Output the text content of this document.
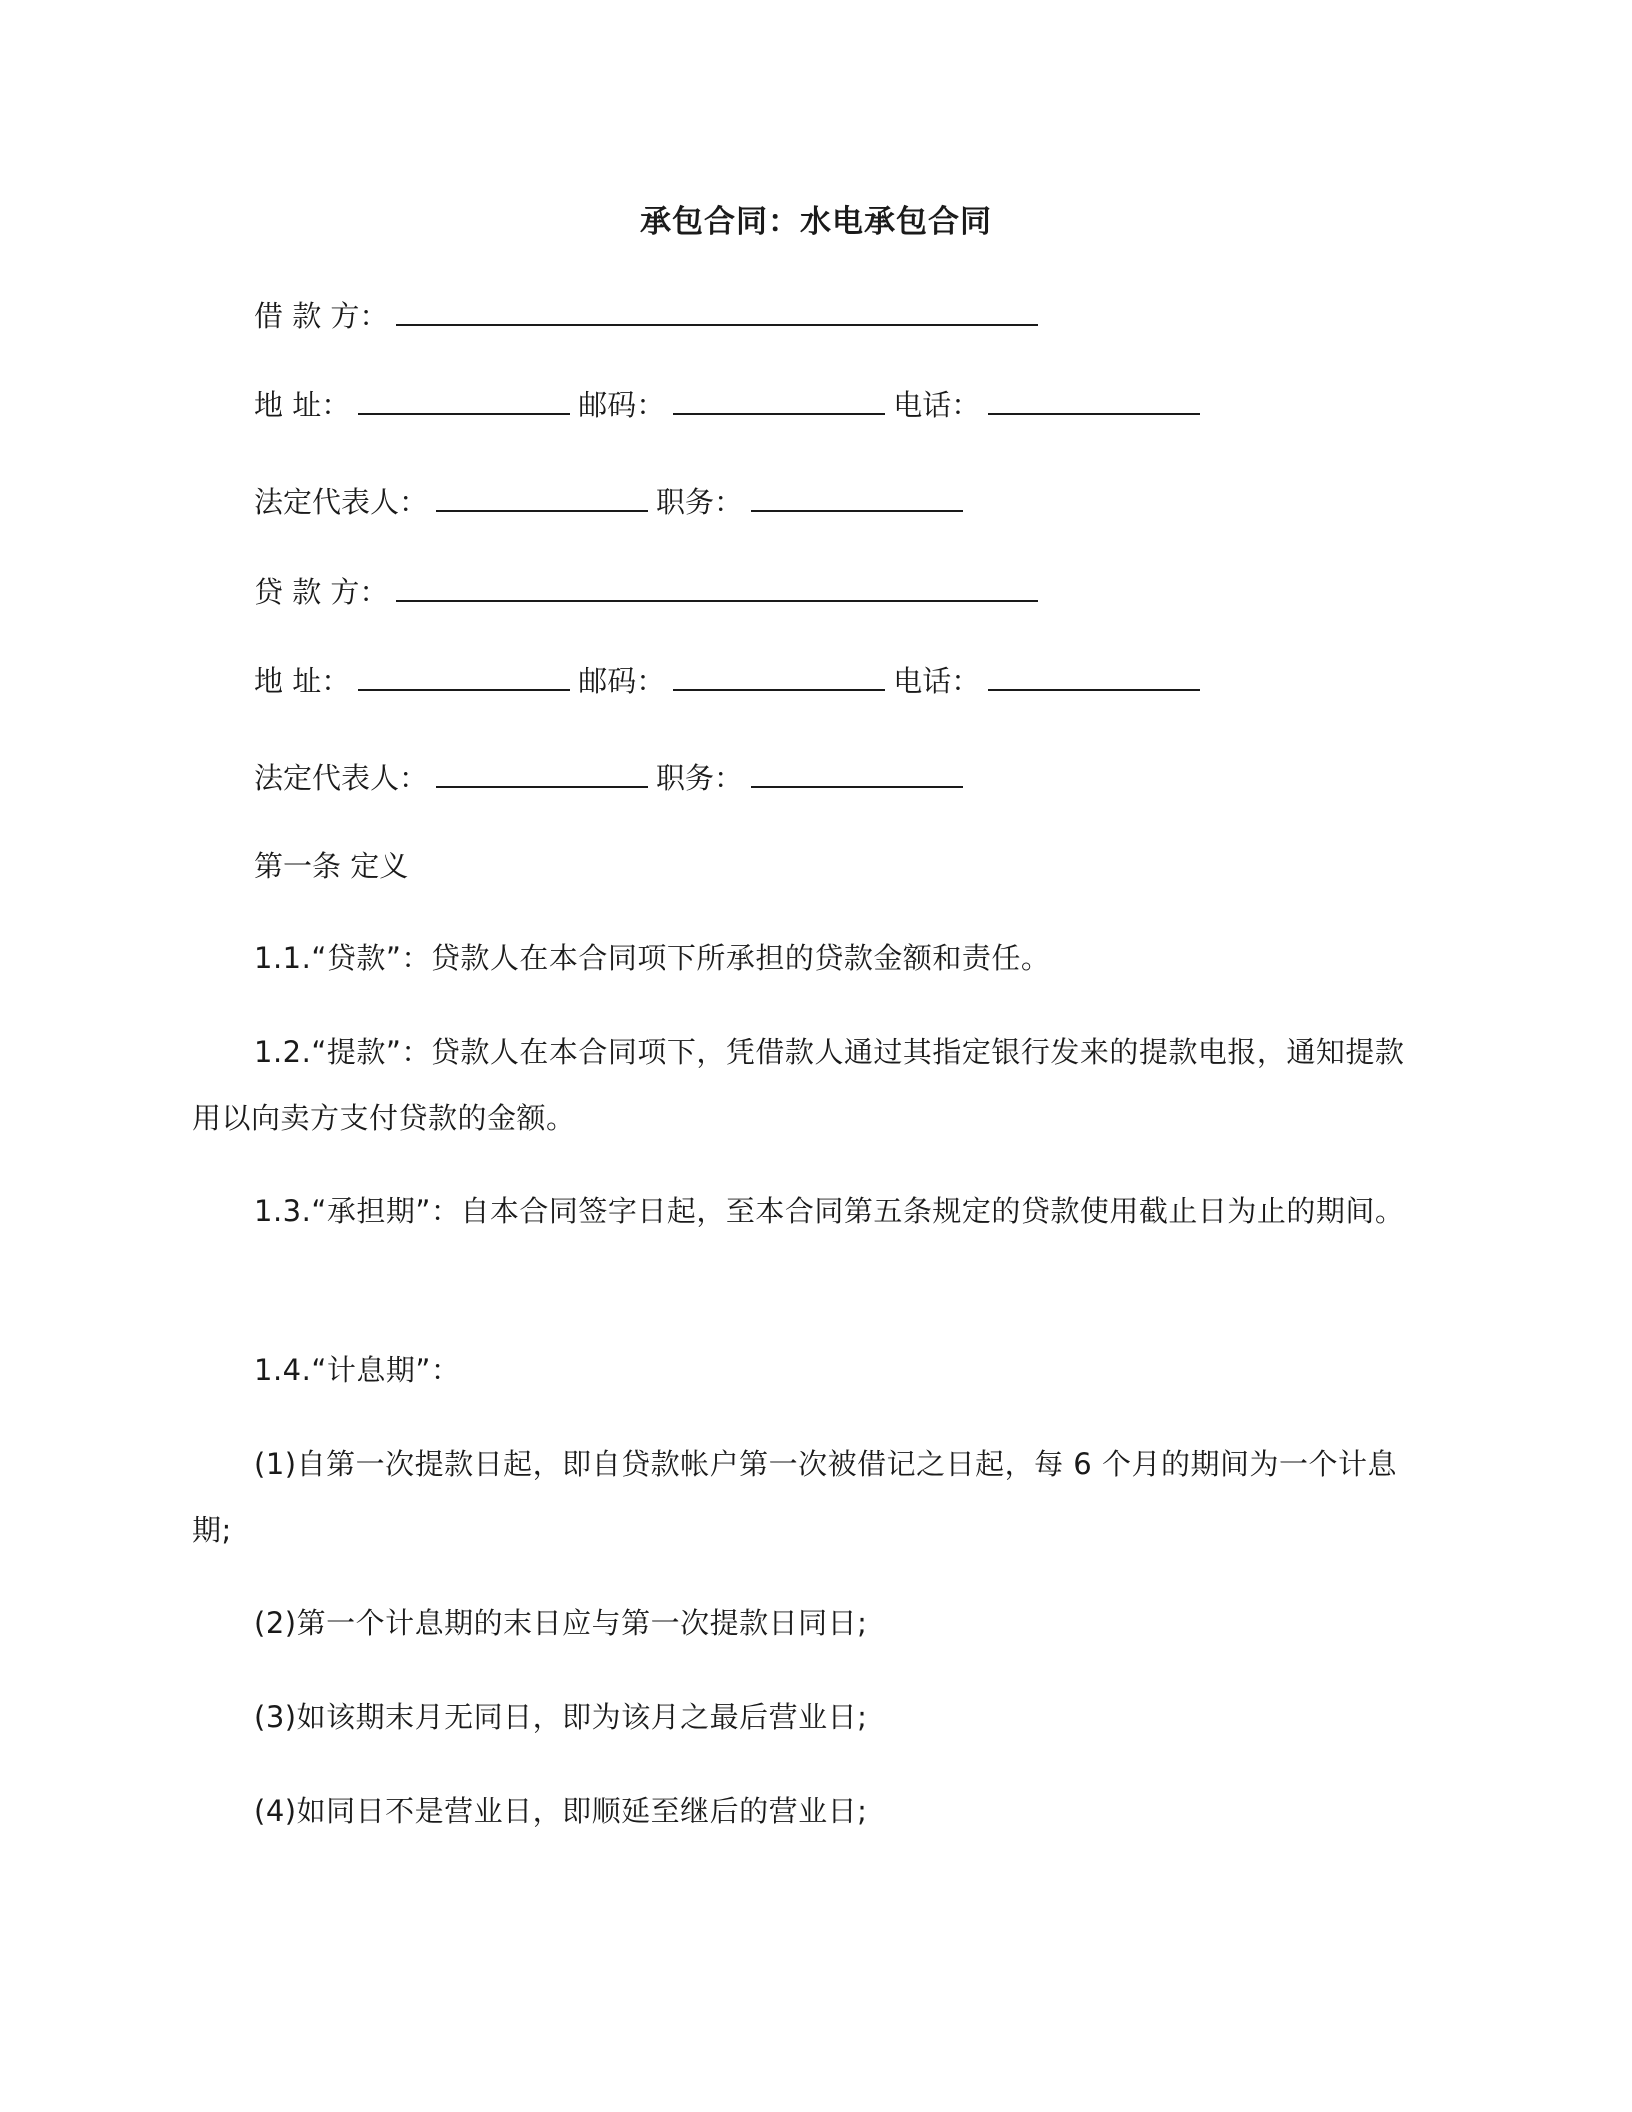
承包合同：水电承包合同
借 款 方：
地 址：	邮码：	电话：
法定代表人：	职务：
贷 款 方：
地 址：	邮码：	电话：
法定代表人：	职务：
第一条 定义
1.1.“贷款”：贷款人在本合同项下所承担的贷款金额和责任。
1.2.“提款”：贷款人在本合同项下，凭借款人通过其指定银行发来的提款电报，通知提款用以向卖方支付贷款的金额。
1.3.“承担期”：自本合同签字日起，至本合同第五条规定的贷款使用截止日为止的期间。
1.4.“计息期”：
(1)自第一次提款日起，即自贷款帐户第一次被借记之日起，每 6 个月的期间为一个计息期;
(2)第一个计息期的末日应与第一次提款日同日;
(3)如该期末月无同日，即为该月之最后营业日;
(4)如同日不是营业日，即顺延至继后的营业日;
